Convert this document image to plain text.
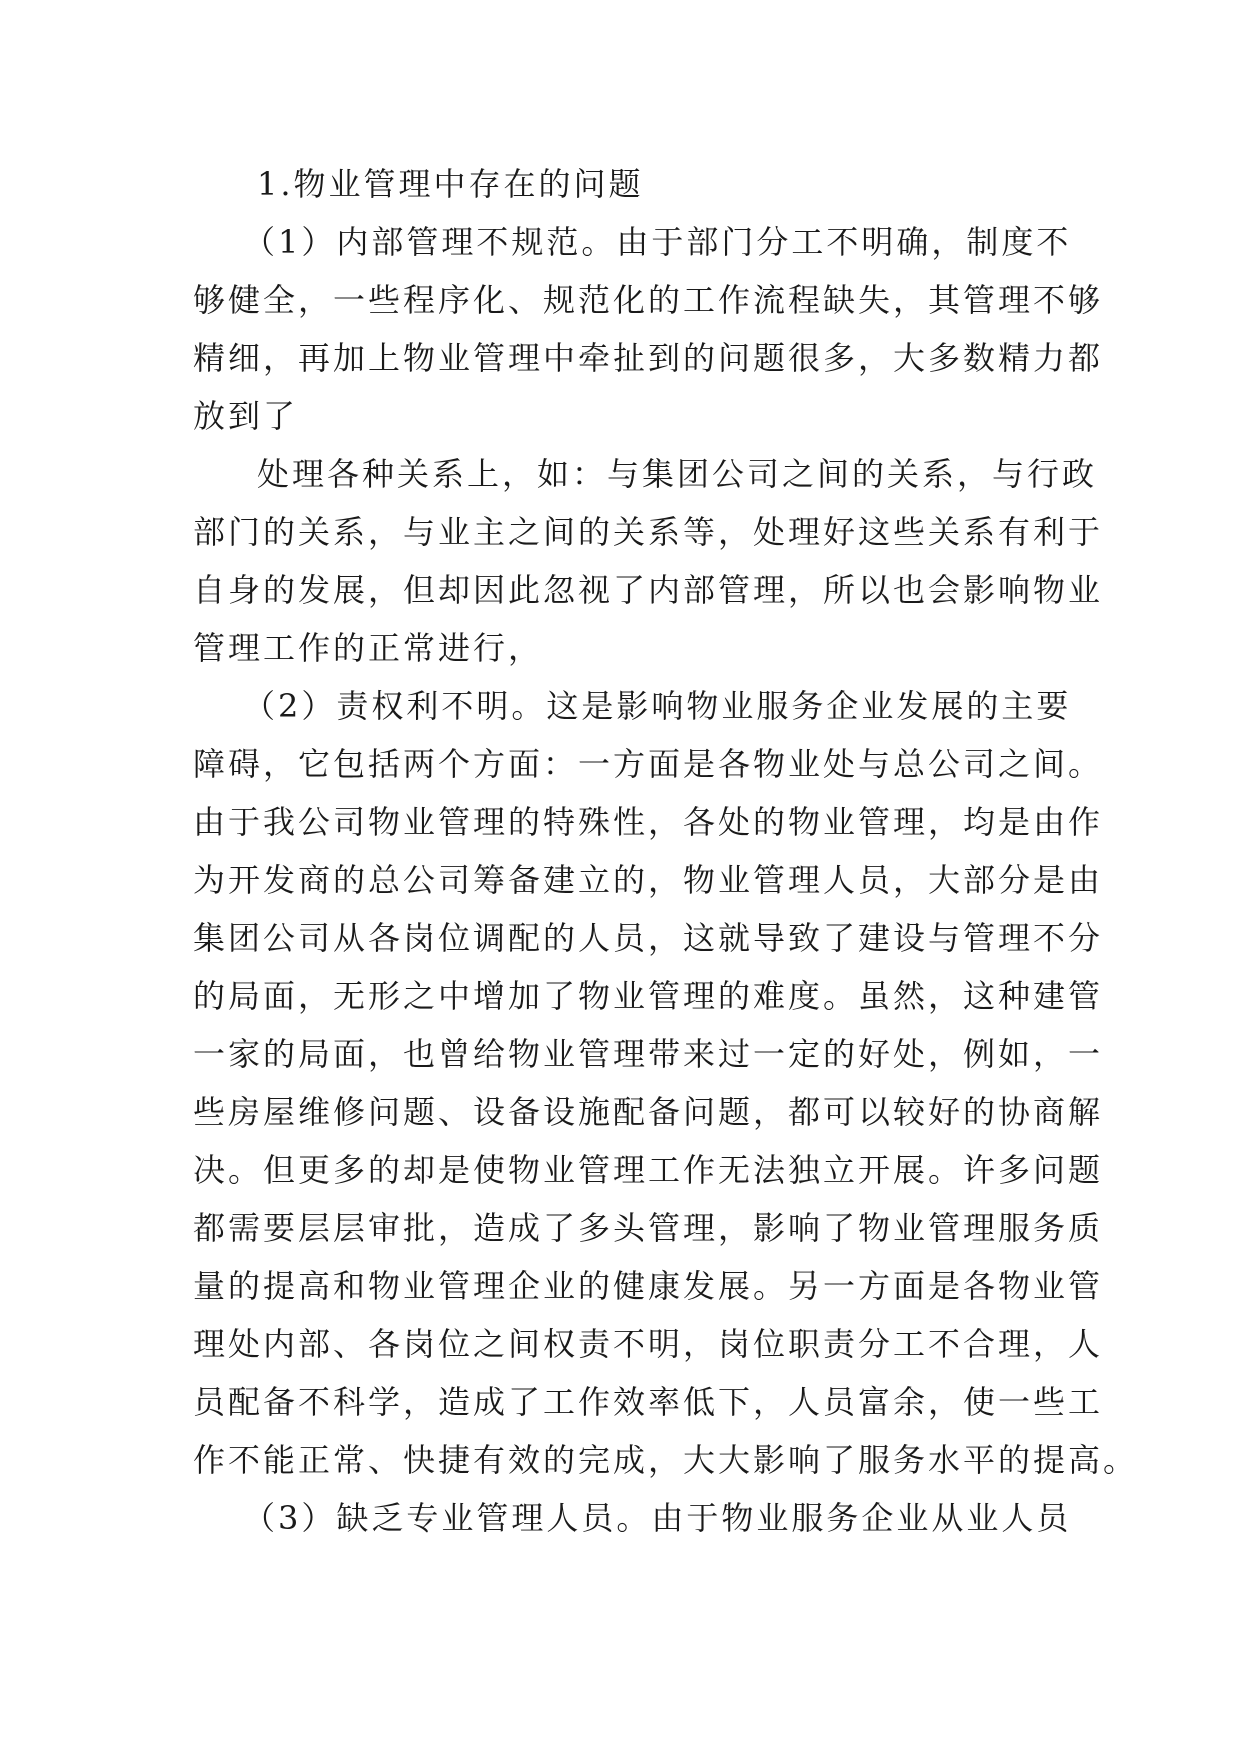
1.物业管理中存在的问题
（1）内部管理不规范。由于部门分工不明确，制度不
够健全，一些程序化、规范化的工作流程缺失，其管理不够
精细，再加上物业管理中牵扯到的问题很多，大多数精力都
放到了
处理各种关系上，如：与集团公司之间的关系，与行政
部门的关系，与业主之间的关系等，处理好这些关系有利于
自身的发展，但却因此忽视了内部管理，所以也会影响物业
管理工作的正常进行，
（2）责权利不明。这是影响物业服务企业发展的主要
障碍，它包括两个方面：一方面是各物业处与总公司之间。
由于我公司物业管理的特殊性，各处的物业管理，均是由作
为开发商的总公司筹备建立的，物业管理人员，大部分是由
集团公司从各岗位调配的人员，这就导致了建设与管理不分
的局面，无形之中增加了物业管理的难度。虽然，这种建管
一家的局面，也曾给物业管理带来过一定的好处，例如，一
些房屋维修问题、设备设施配备问题，都可以较好的协商解
决。但更多的却是使物业管理工作无法独立开展。许多问题
都需要层层审批，造成了多头管理，影响了物业管理服务质
量的提高和物业管理企业的健康发展。另一方面是各物业管
理处内部、各岗位之间权责不明，岗位职责分工不合理，人
员配备不科学，造成了工作效率低下，人员富余，使一些工
作不能正常、快捷有效的完成，大大影响了服务水平的提高。
（3）缺乏专业管理人员。由于物业服务企业从业人员
